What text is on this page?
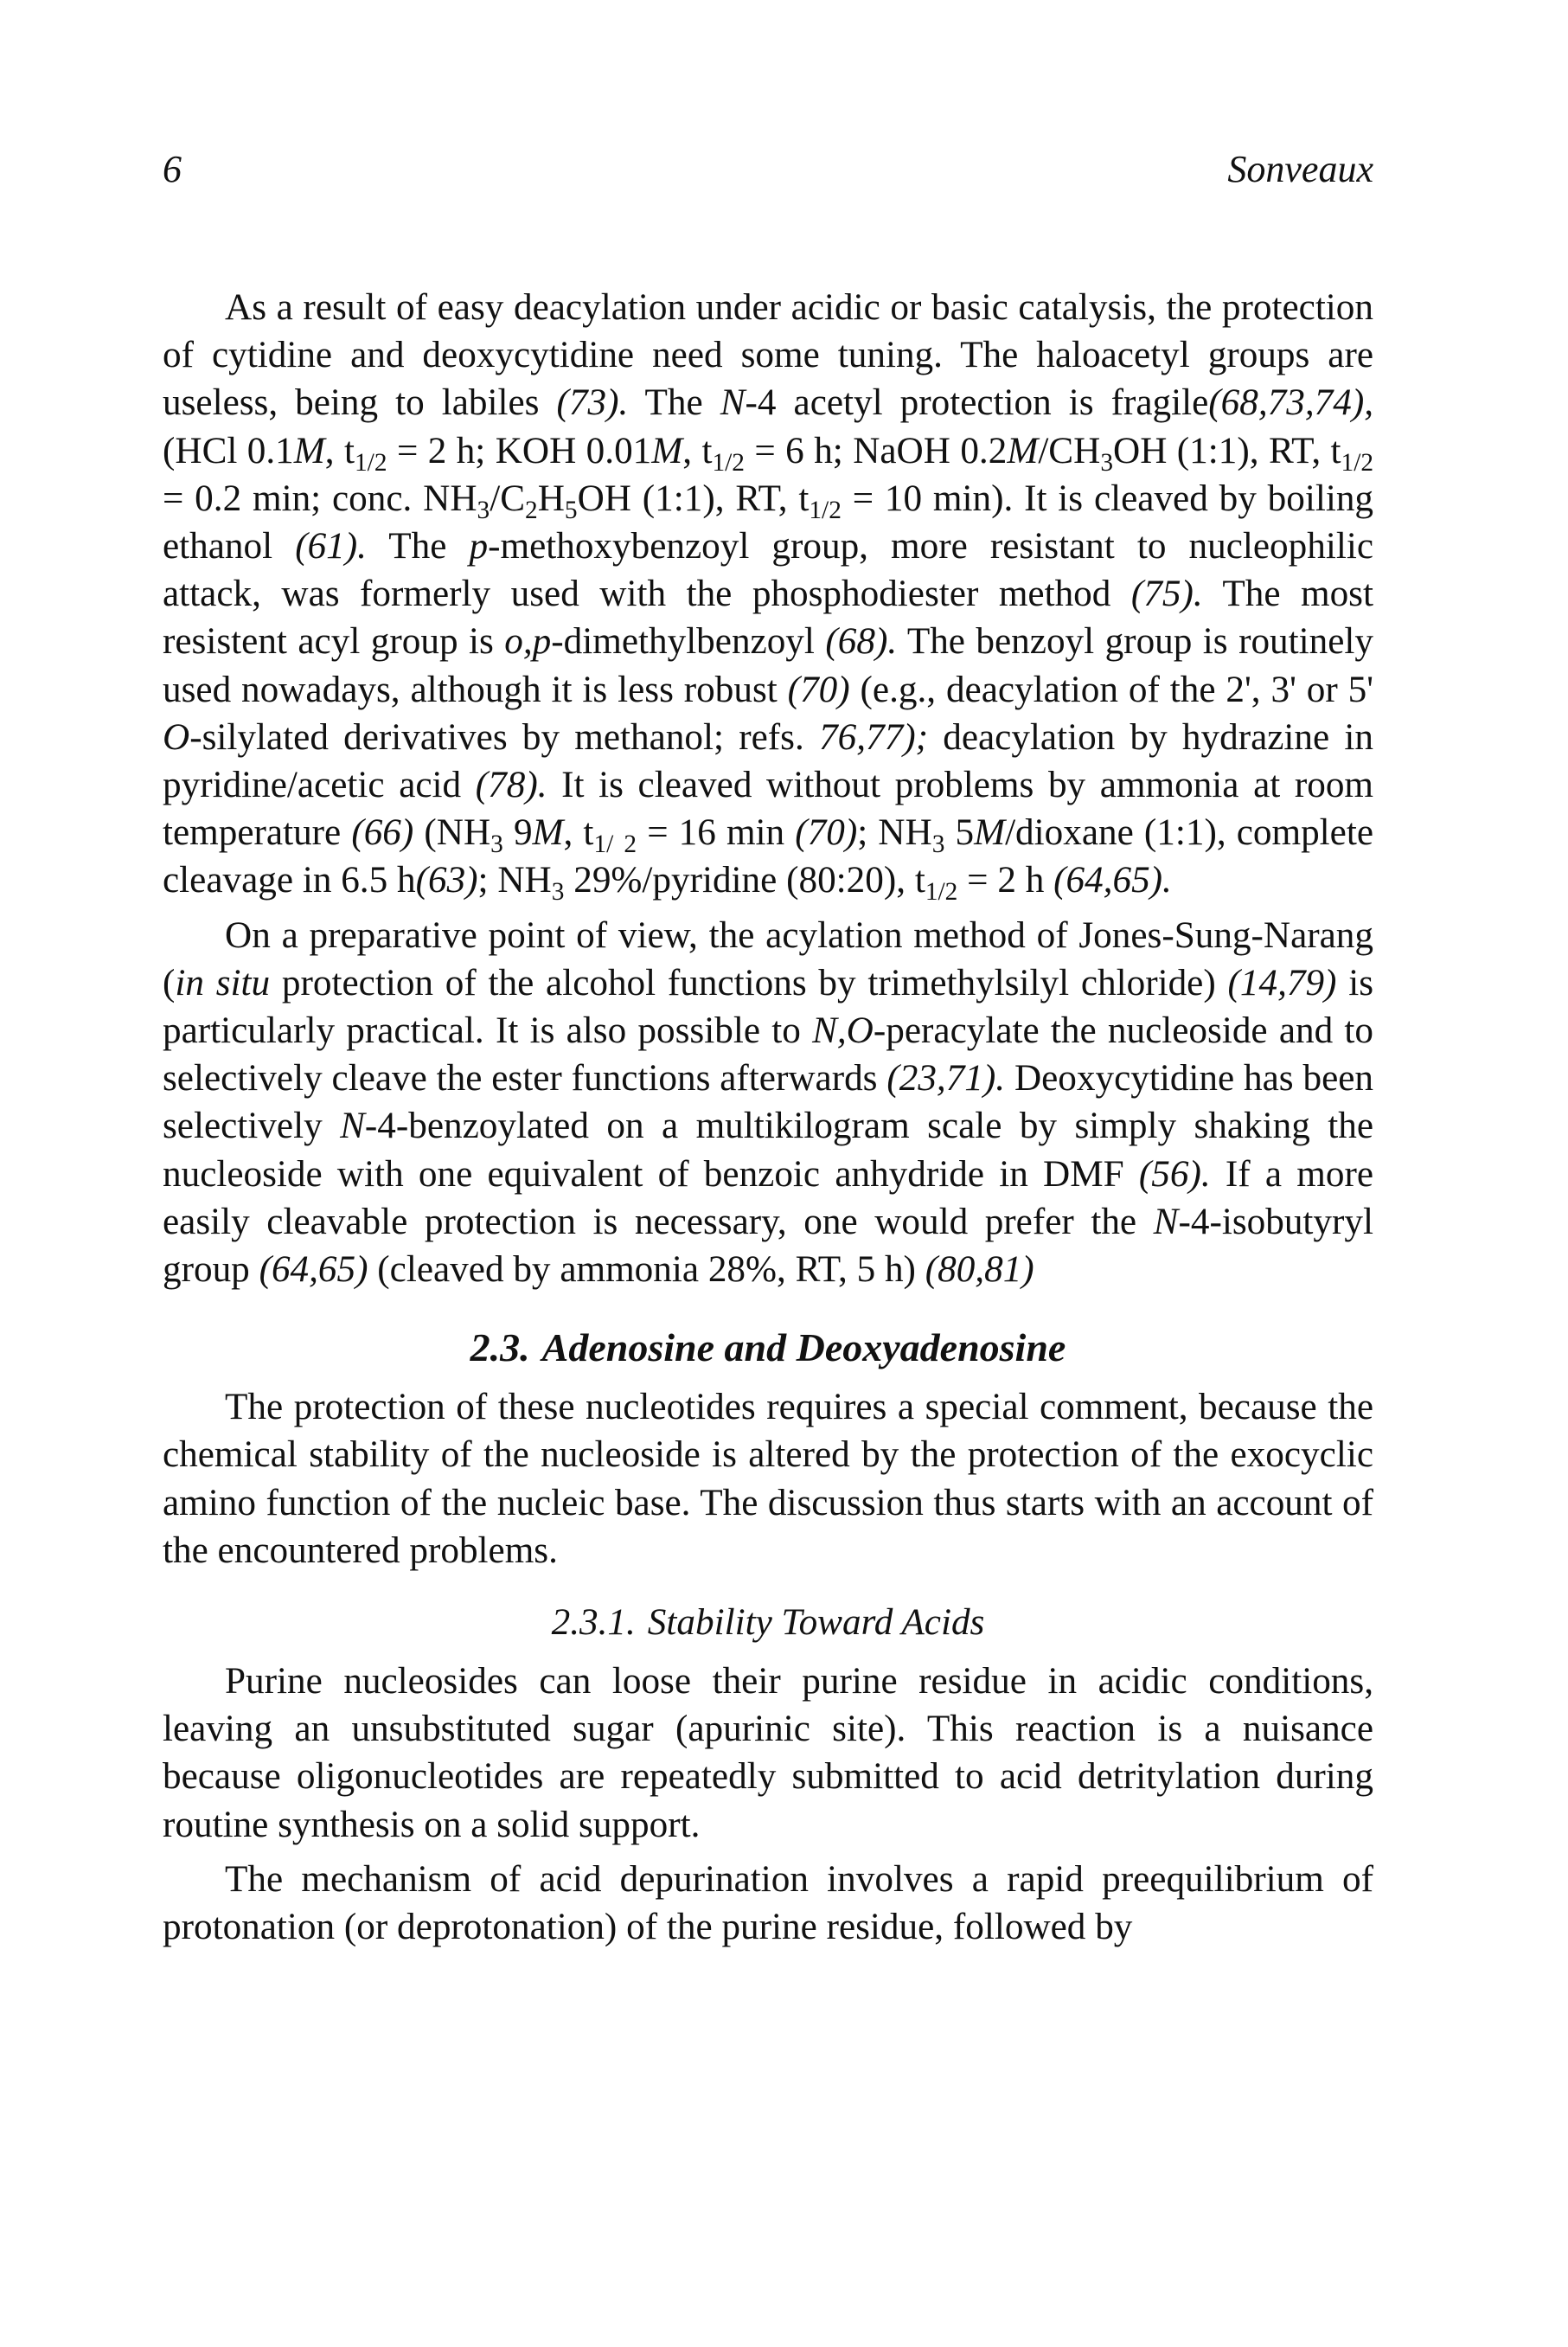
6	Sonveaux

As a result of easy deacylation under acidic or basic catalysis, the protection of cytidine and deoxycytidine need some tuning. The haloacetyl groups are useless, being to labiles (73). The N-4 acetyl protection is fragile(68,73,74), (HCl 0.1M, $t_{1/2} = 2$ h; KOH 0.01M, $t_{1/2} = 6$ h; NaOH $0.2M/CH_3OH$ (1:1), RT, $t_{1/2} = 0.2$ min; conc. $NH_3/C_2H_5OH$ (1:1), RT, $t_{1/2} = 10$ min). It is cleaved by boiling ethanol (61). The p-methoxybenzoyl group, more resistant to nucleophilic attack, was formerly used with the phosphodiester method (75). The most resistent acyl group is o,p-dimethylbenzoyl (68). The benzoyl group is routinely used nowadays, although it is less robust (70) (e.g., deacylation of the 2', 3' or 5' O-silylated derivatives by methanol; refs. 76,77); deacylation by hydrazine in pyridine/acetic acid (78). It is cleaved without problems by ammonia at room temperature (66) ($NH_3$ 9M, $t_{1/}$ $_2$ = 16 min (70); $NH_3$ 5M/dioxane (1:1), complete cleavage in 6.5 h(63); $NH_3$ 29%/pyridine (80:20), $t_{1/2} = 2$ h (64,65).

On a preparative point of view, the acylation method of Jones-Sung-Narang (in situ protection of the alcohol functions by trimethylsilyl chloride) (14,79) is particularly practical. It is also possible to N,O-peracylate the nucleoside and to selectively cleave the ester functions afterwards (23,71). Deoxycytidine has been selectively N-4-benzoylated on a multikilogram scale by simply shaking the nucleoside with one equivalent of benzoic anhydride in DMF (56). If a more easily cleavable protection is necessary, one would prefer the N-4-isobutyryl group (64,65) (cleaved by ammonia 28%, RT, 5 h) (80,81)

2.3. Adenosine and Deoxyadenosine

The protection of these nucleotides requires a special comment, because the chemical stability of the nucleoside is altered by the protection of the exocyclic amino function of the nucleic base. The discussion thus starts with an account of the encountered problems.

2.3.1. Stability Toward Acids

Purine nucleosides can loose their purine residue in acidic conditions, leaving an unsubstituted sugar (apurinic site). This reaction is a nuisance because oligonucleotides are repeatedly submitted to acid detritylation during routine synthesis on a solid support.

The mechanism of acid depurination involves a rapid preequilibrium of protonation (or deprotonation) of the purine residue, followed by
